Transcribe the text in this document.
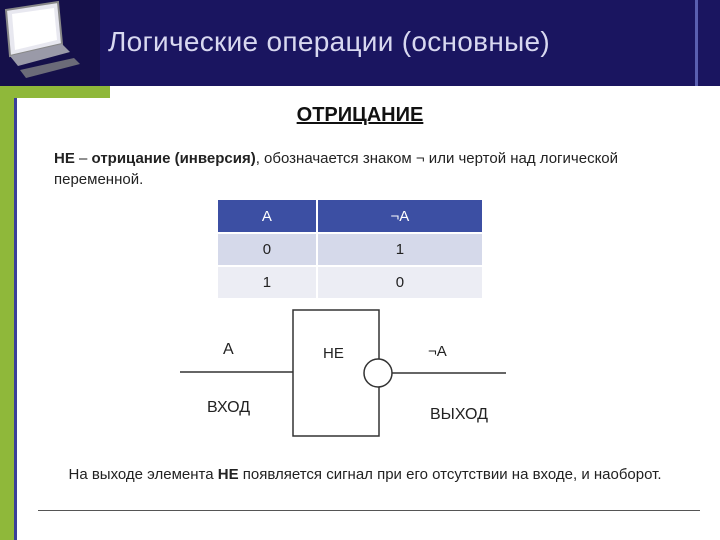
Логические операции (основные)
ОТРИЦАНИЕ
НЕ – отрицание (инверсия), обозначается знаком ¬ или чертой над логической переменной.
А	¬А
0	1
1	0
А	НЕ	¬А
ВХОД	ВЫХОД
На выходе элемента НЕ появляется сигнал при его отсутствии на входе, и наоборот.
